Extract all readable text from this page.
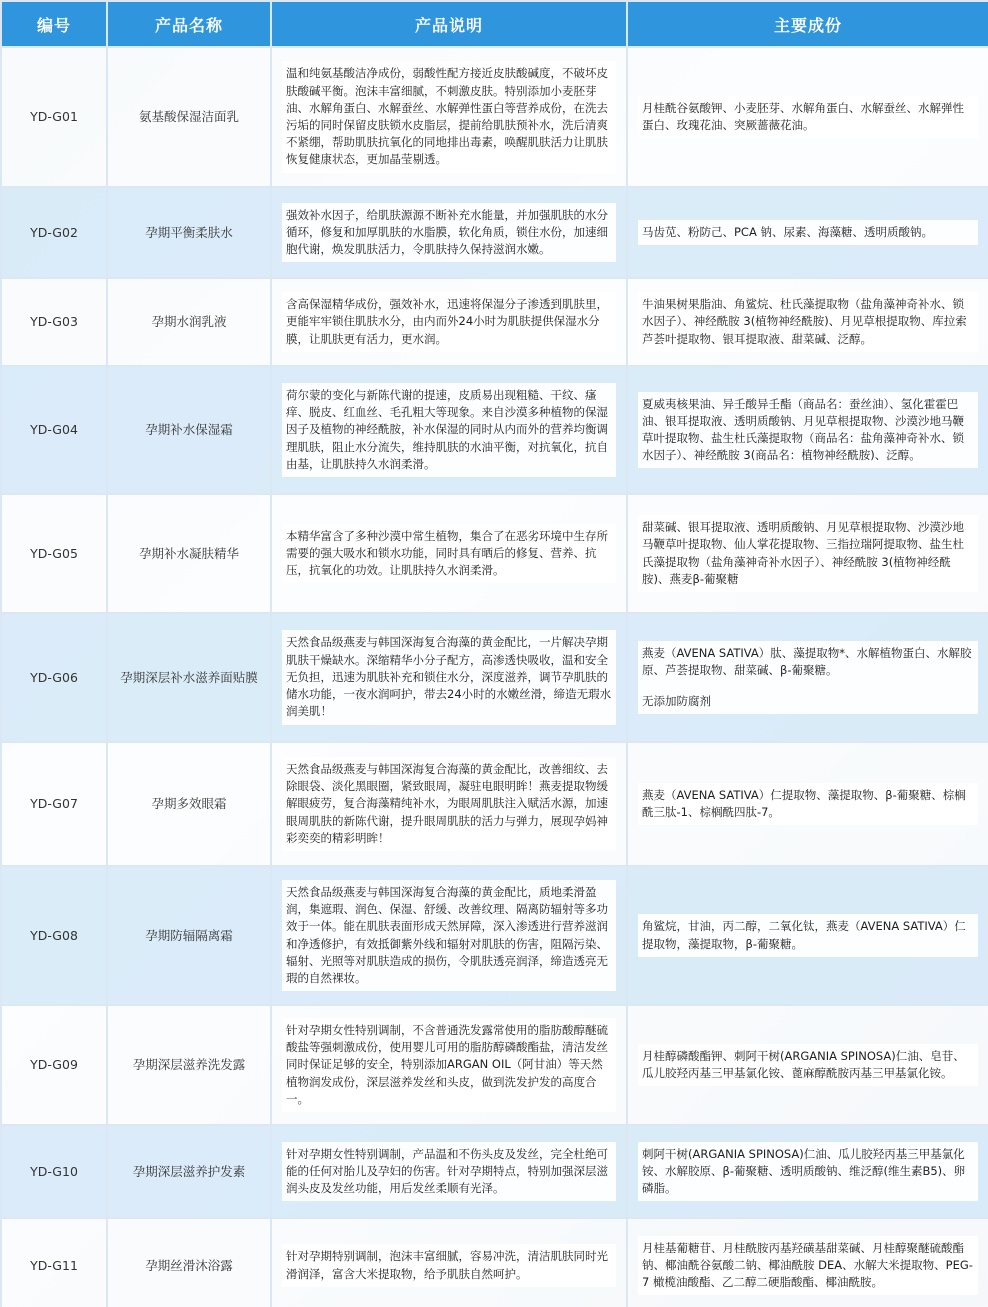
编号	产品名称	产品说明	主要成份
YD-G01	氨基酸保湿洁面乳	温和纯氨基酸洁净成份，弱酸性配方接近皮肤酸碱度，不破坏皮肤酸碱平衡。泡沫丰富细腻，不刺激皮肤。特别添加小麦胚芽油、水解角蛋白、水解蚕丝、水解弹性蛋白等营养成份，在洗去污垢的同时保留皮肤锁水皮脂层，提前给肌肤预补水，洗后清爽不紧绷，帮助肌肤抗氧化的同地排出毒素，唤醒肌肤活力让肌肤恢复健康状态，更加晶莹剔透。	月桂酰谷氨酸钾、小麦胚芽、水解角蛋白、水解蚕丝、水解弹性蛋白、玫瑰花油、突厥蔷薇花油。

YD-G02	孕期平衡柔肤水	强效补水因子，给肌肤源源不断补充水能量，并加强肌肤的水分循环，修复和加厚肌肤的水脂膜，软化角质，锁住水份，加速细胞代谢，焕发肌肤活力，令肌肤持久保持滋润水嫩。	马齿苋、粉防己、PCA 钠、尿素、海藻糖、透明质酸钠。

YD-G03	孕期水润乳液	含高保湿精华成份，强效补水，迅速将保湿分子渗透到肌肤里，更能牢牢锁住肌肤水分，由内而外24小时为肌肤提供保湿水分膜，让肌肤更有活力，更水润。	牛油果树果脂油、角鲨烷、杜氏藻提取物（盐角藻神奇补水、锁水因子）、神经酰胺 3(植物神经酰胺)、月见草根提取物、库拉索芦荟叶提取物、银耳提取液、甜菜碱、泛醇。

YD-G04	孕期补水保湿霜	荷尔蒙的变化与新陈代谢的提速，皮质易出现粗糙、干纹、瘙痒、脱皮、红血丝、毛孔粗大等现象。来自沙漠多种植物的保湿因子及植物的神经酰胺，补水保湿的同时从内而外的营养均衡调理肌肤，阻止水分流失，维持肌肤的水油平衡，对抗氧化，抗自由基，让肌肤持久水润柔滑。	夏威夷核果油、异壬酸异壬酯（商品名：蚕丝油）、氢化霍霍巴油、银耳提取液、透明质酸钠、月见草根提取物、沙漠沙地马鞭草叶提取物、盐生杜氏藻提取物（商品名：盐角藻神奇补水、锁水因子）、神经酰胺 3(商品名：植物神经酰胺)、泛醇。

YD-G05	孕期补水凝肤精华	本精华富含了多种沙漠中常生植物，集合了在恶劣环境中生存所需要的强大吸水和锁水功能，同时具有晒后的修复、营养、抗压，抗氧化的功效。让肌肤持久水润柔滑。	甜菜碱、银耳提取液、透明质酸钠、月见草根提取物、沙漠沙地马鞭草叶提取物、仙人掌花提取物、三指拉瑞阿提取物、盐生杜氏藻提取物（盐角藻神奇补水因子）、神经酰胺 3(植物神经酰胺)、燕麦β-葡聚糖

YD-G06	孕期深层补水滋养面贴膜	天然食品级燕麦与韩国深海复合海藻的黄金配比，一片解决孕期肌肤干燥缺水。深缩精华小分子配方，高渗透快吸收，温和安全无负担，迅速为肌肤补充和锁住水分，深度滋养，调节孕肌肤的储水功能，一夜水润呵护，带去24小时的水嫩丝滑，缔造无瑕水润美肌！	燕麦（AVENA SATIVA）肽、藻提取物*、水解植物蛋白、水解胶原、芦荟提取物、甜菜碱、β-葡聚糖。
无添加防腐剂

YD-G07	孕期多效眼霜	天然食品级燕麦与韩国深海复合海藻的黄金配比，改善细纹、去除眼袋、淡化黑眼圈，紧致眼周，凝驻电眼明眸！燕麦提取物缓解眼疲劳，复合海藻精纯补水，为眼周肌肤注入赋活水源，加速眼周肌肤的新陈代谢，提升眼周肌肤的活力与弹力，展现孕妈神彩奕奕的精彩明眸！	燕麦（AVENA SATIVA）仁提取物、藻提取物、β-葡聚糖、棕榈酰三肽-1、棕榈酰四肽-7。

YD-G08	孕期防辐隔离霜	天然食品级燕麦与韩国深海复合海藻的黄金配比，质地柔滑盈润，集遮瑕、润色、保湿、舒缓、改善纹理、隔离防辐射等多功效于一体。能在肌肤表面形成天然屏障，深入渗透进行营养滋润和净透修护，有效抵御紫外线和辐射对肌肤的伤害，阻隔污染、辐射、光照等对肌肤造成的损伤，令肌肤透亮润泽，缔造透亮无瑕的自然裸妆。	角鲨烷，甘油，丙二醇，二氧化钛，燕麦（AVENA SATIVA）仁提取物，藻提取物，β-葡聚糖。

YD-G09	孕期深层滋养洗发露	针对孕期女性特别调制，不含普通洗发露常使用的脂肪酸醇醚硫酸盐等强刺激成份，使用婴儿可用的脂肪醇磷酸酯盐，清洁发丝同时保证足够的安全，特别添加ARGAN OIL（阿甘油）等天然植物润发成份，深层滋养发丝和头皮，做到洗发护发的高度合一。	月桂醇磷酸酯钾、刺阿干树(ARGANIA SPINOSA)仁油、皂苷、瓜儿胶羟丙基三甲基氯化铵、蓖麻醇酰胺丙基三甲基氯化铵。

YD-G10	孕期深层滋养护发素	针对孕期女性特别调制，产品温和不伤头皮及发丝，完全杜绝可能的任何对胎儿及孕妇的伤害。针对孕期特点，特别加强深层滋润头皮及发丝功能，用后发丝柔顺有光泽。	刺阿干树(ARGANIA SPINOSA)仁油、瓜儿胶羟丙基三甲基氯化铵、水解胶原、β-葡聚糖、透明质酸钠、维泛醇(维生素B5)、卵磷脂。

YD-G11	孕期丝滑沐浴露	针对孕期特别调制，泡沫丰富细腻，容易冲洗，清洁肌肤同时光滑润泽，富含大米提取物，给予肌肤自然呵护。	月桂基葡糖苷、月桂酰胺丙基羟磺基甜菜碱、月桂醇聚醚硫酸酯钠、椰油酰谷氨酸二钠、椰油酰胺 DEA、水解大米提取物、PEG-7 橄榄油酸酯、乙二醇二硬脂酸酯、椰油酰胺。
